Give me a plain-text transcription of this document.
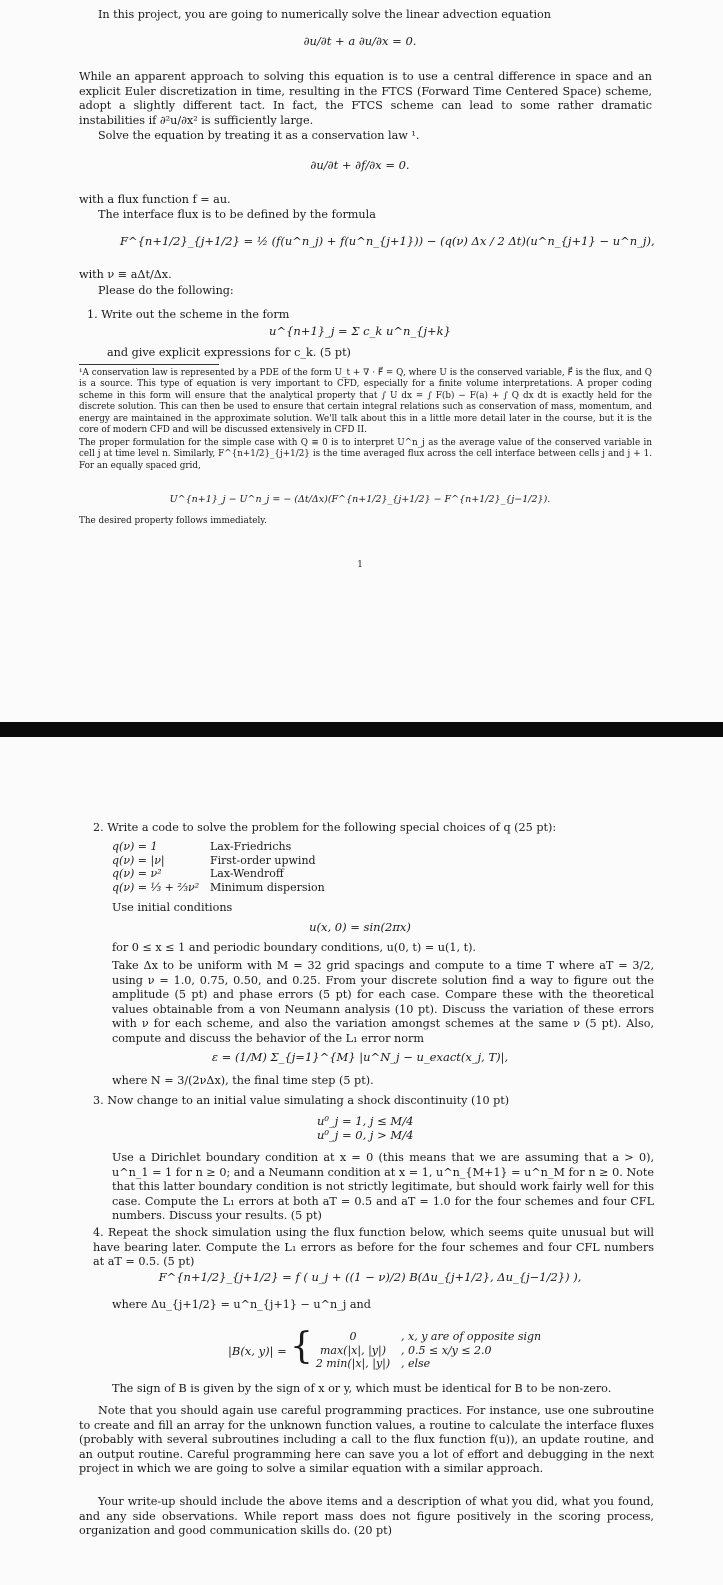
In this project, you are going to numerically solve the linear advection equation

∂u/∂t + a ∂u/∂x = 0.

While an apparent approach to solving this equation is to use a central difference in space and an explicit Euler discretization in time, resulting in the FTCS (Forward Time Centered Space) scheme, adopt a slightly different tact. In fact, the FTCS scheme can lead to some rather dramatic instabilities if ∂²u/∂x² is sufficiently large.

Solve the equation by treating it as a conservation law ¹.

∂u/∂t + ∂f/∂x = 0.

with a flux function f = au.

The interface flux is to be defined by the formula

F^{n+1/2}_{j+1/2} = ½ (f(u^n_j) + f(u^n_{j+1})) − (q(ν) Δx / 2 Δt)(u^n_{j+1} − u^n_j),

with ν ≡ aΔt/Δx.

Please do the following:

1. Write out the scheme in the form

u^{n+1}_j = Σ c_k u^n_{j+k}

and give explicit expressions for c_k. (5 pt)

¹A conservation law is represented by a PDE of the form U_t + ∇ · F⃗ = Q, where U is the conserved variable, F⃗ is the flux, and Q is a source. This type of equation is very important to CFD, especially for a finite volume interpretations. A proper coding scheme in this form will ensure that the analytical property that ∫ U dx = ∫ F(b) − F(a) + ∫ Q dx dt is exactly held for the discrete solution. This can then be used to ensure that certain integral relations such as conservation of mass, momentum, and energy are maintained in the approximate solution. We'll talk about this in a little more detail later in the course, but it is the core of modern CFD and will be discussed extensively in CFD II.

The proper formulation for the simple case with Q ≡ 0 is to interpret U^n_j as the average value of the conserved variable in cell j at time level n. Similarly, F^{n+1/2}_{j+1/2} is the time averaged flux across the cell interface between cells j and j + 1. For an equally spaced grid,

U^{n+1}_j − U^n_j = − (Δt/Δx)(F^{n+1/2}_{j+1/2} − F^{n+1/2}_{j−1/2}).

The desired property follows immediately.

1

2. Write a code to solve the problem for the following special choices of q (25 pt):

q(ν) = 1	Lax-Friedrichs
q(ν) = |ν|	First-order upwind
q(ν) = ν²	Lax-Wendroff
q(ν) = ⅓ + ⅔ν² Minimum dispersion

Use initial conditions

u(x, 0) = sin(2πx)

for 0 ≤ x ≤ 1 and periodic boundary conditions, u(0, t) = u(1, t).

Take Δx to be uniform with M = 32 grid spacings and compute to a time T where aT = 3/2, using ν = 1.0, 0.75, 0.50, and 0.25. From your discrete solution find a way to figure out the amplitude (5 pt) and phase errors (5 pt) for each case. Compare these with the theoretical values obtainable from a von Neumann analysis (10 pt). Discuss the variation of these errors with ν for each scheme, and also the variation amongst schemes at the same ν (5 pt). Also, compute and discuss the behavior of the L₁ error norm

ε = (1/M) Σ_{j=1}^{M} |u^N_j − u_exact(x_j, T)|,

where N = 3/(2νΔx), the final time step (5 pt).

3. Now change to an initial value simulating a shock discontinuity (10 pt)

u⁰_j = 1, j ≤ M/4
u⁰_j = 0, j > M/4

Use a Dirichlet boundary condition at x = 0 (this means that we are assuming that a > 0), u^n_1 = 1 for n ≥ 0; and a Neumann condition at x = 1, u^n_{M+1} = u^n_M for n ≥ 0. Note that this latter boundary condition is not strictly legitimate, but should work fairly well for this case. Compute the L₁ errors at both aT = 0.5 and aT = 1.0 for the four schemes and four CFL numbers. Discuss your results. (5 pt)

4. Repeat the shock simulation using the flux function below, which seems quite unusual but will have bearing later. Compute the L₁ errors as before for the four schemes and four CFL numbers at aT = 0.5. (5 pt)

F^{n+1/2}_{j+1/2} = f ( u_j + ((1 − ν)/2) B(Δu_{j+1/2}, Δu_{j−1/2}) ),

where Δu_{j+1/2} = u^n_{j+1} − u^n_j and

|B(x, y)| = {	0	, x, y are of opposite sign
max(|x|, |y|)	, 0.5 ≤ x/y ≤ 2.0
2 min(|x|, |y|) , else

The sign of B is given by the sign of x or y, which must be identical for B to be non-zero.

Note that you should again use careful programming practices. For instance, use one subroutine to create and fill an array for the unknown function values, a routine to calculate the interface fluxes (probably with several subroutines including a call to the flux function f(u)), an update routine, and an output routine. Careful programming here can save you a lot of effort and debugging in the next project in which we are going to solve a similar equation with a similar approach.

Your write-up should include the above items and a description of what you did, what you found, and any side observations. While report mass does not figure positively in the scoring process, organization and good communication skills do. (20 pt)
